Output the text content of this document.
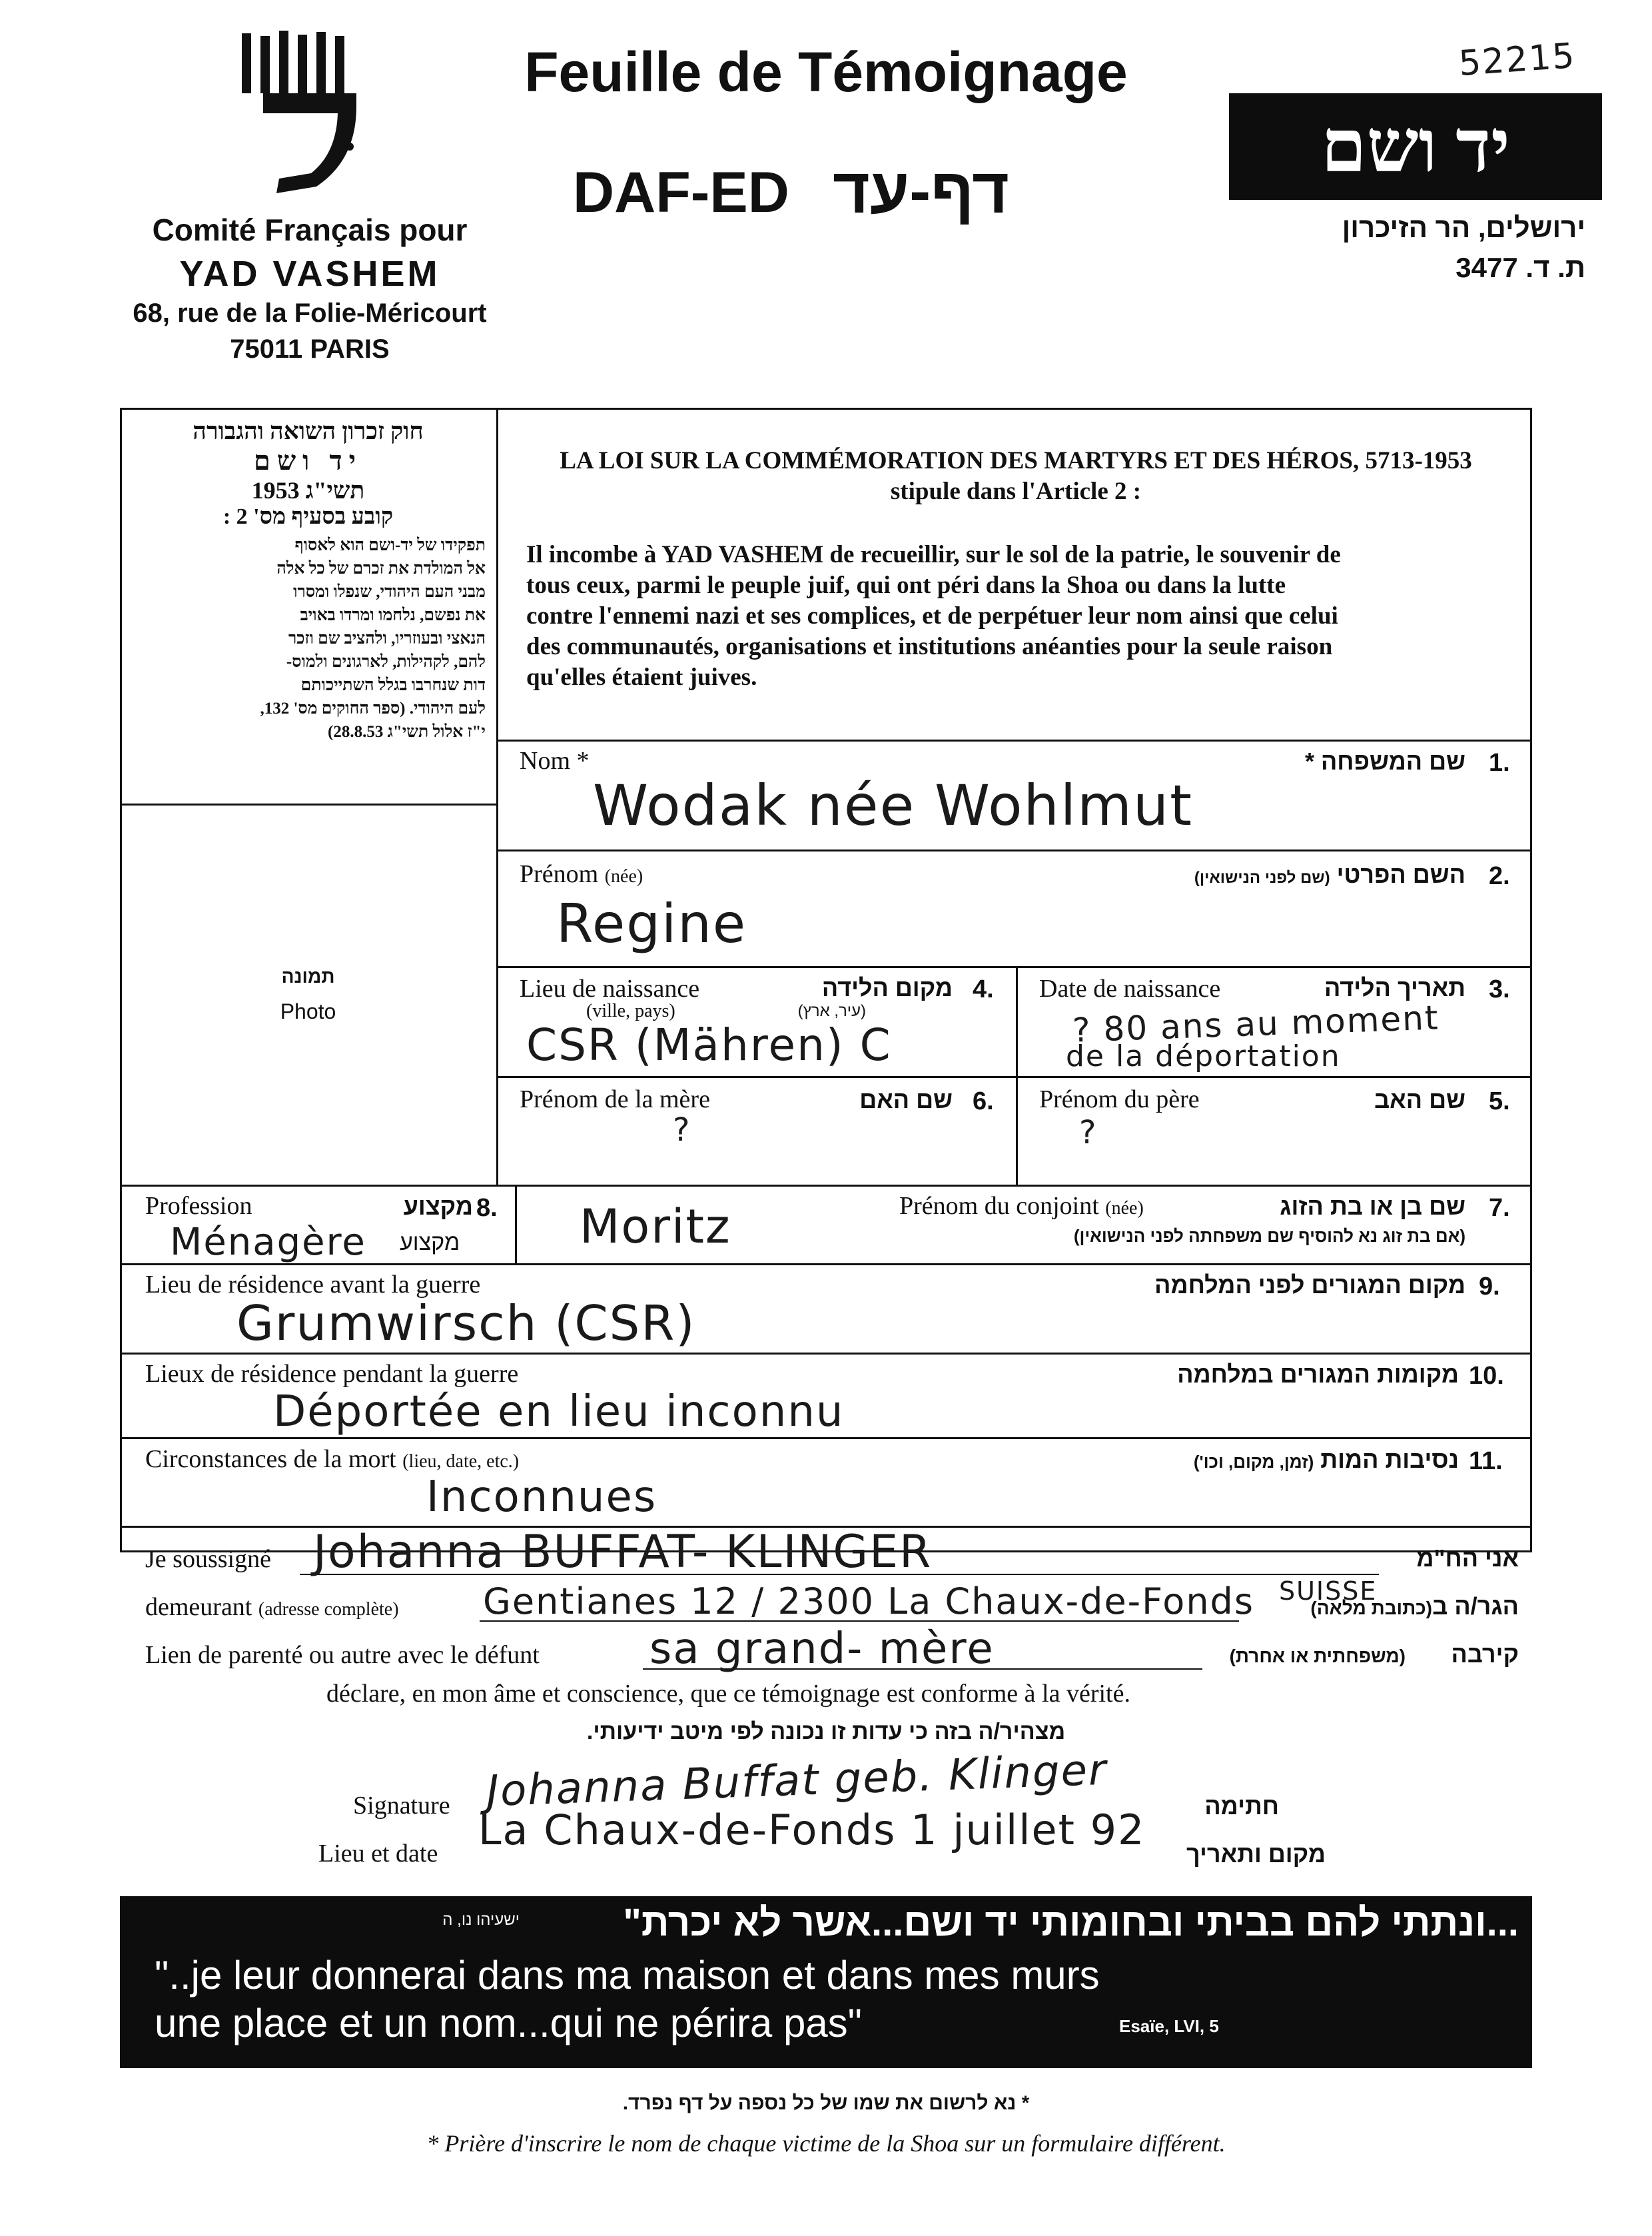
Comité Français pour
YAD VASHEM
68, rue de la Folie-Méricourt
75011 PARIS
Feuille de Témoignage
DAF-ED דף-עד
52215
יד ושם
ירושלים, הר הזיכרון
ת. ד. 3477
חוק זכרון השואה והגבורה
יד ושם
תשי"ג 1953
קובע בסעיף מס' 2 :
תפקידו של יד-ושם הוא לאסוף
אל המולדת את זכרם של כל אלה
מבני העם היהודי, שנפלו ומסרו
את נפשם, נלחמו ומרדו באויב
הנאצי ובעוזריו, ולהציב שם וזכר
להם, לקהילות, לארגונים ולמוס-
דות שנחרבו בגלל השתייכותם
לעם היהודי. (ספר החוקים מס' 132,
י"ז אלול תשי"ג 28.8.53)
תמונה
Photo
LA LOI SUR LA COMMÉMORATION DES MARTYRS ET DES HÉROS, 5713-1953
stipule dans l'Article 2 :
Il incombe à YAD VASHEM de recueillir, sur le sol de la patrie, le souvenir de
tous ceux, parmi le peuple juif, qui ont péri dans la Shoa ou dans la lutte
contre l'ennemi nazi et ses complices, et de perpétuer leur nom ainsi que celui
des communautés, organisations et institutions anéanties pour la seule raison
qu'elles étaient juives.
Nom *	שם המשפחה * 1.
Wodak née Wohlmut
Prénom (née)	השם הפרטי (שם לפני הנישואין)	2.
Regine
Lieu de naissance
(ville, pays)
מקום הלידה
(עיר, ארץ)
4.
CSR (Mähren) C
Date de naissance	תאריך הלידה 3.
? 80 ans au moment
de la déportation
Prénom de la mère	שם האם 6.
?
Prénom du père	שם האב 5.
?
Profession	מקצוע 8.
Ménagère מקצוע	Moritz	Prénom du conjoint (née)	שם בן או בת הזוג
(אם בת זוג נא להוסיף שם משפחתה לפני הנישואין)
7.
Lieu de résidence avant la guerre	מקום המגורים לפני המלחמה 9.
Grumwirsch (CSR)
Lieux de résidence pendant la guerre	מקומות המגורים במלחמה 10.
Déportée en lieu inconnu
Circonstances de la mort (lieu, date, etc.)	נסיבות המות (זמן, מקום, וכו')	11.
Inconnues
Je soussigné Johanna BUFFAT- KLINGER	אני הח"מ
demeurant (adresse complète) Gentianes 12 / 2300 La Chaux-de-Fonds SUISSE
(כתובת מלאה) הגר/ה ב
Lien de parenté ou autre avec le défunt	sa grand- mère	(משפחתית או אחרת)	קירבה
déclare, en mon âme et conscience, que ce témoignage est conforme à la vérité.
מצהיר/ה בזה כי עדות זו נכונה לפי מיטב ידיעותי.
Signature Johanna Buffat geb. Klinger	חתימה
Lieu et date La Chaux-de-Fonds 1 juillet 92	מקום ותאריך
ישעיהו נו, ה	...ונתתי להם בביתי ובחומותי יד ושם...אשר לא יכרת"
"..je leur donnerai dans ma maison et dans mes murs
une place et un nom...qui ne périra pas"	Esaïe, LVI, 5
* נא לרשום את שמו של כל נספה על דף נפרד.
* Prière d'inscrire le nom de chaque victime de la Shoa sur un formulaire différent.
